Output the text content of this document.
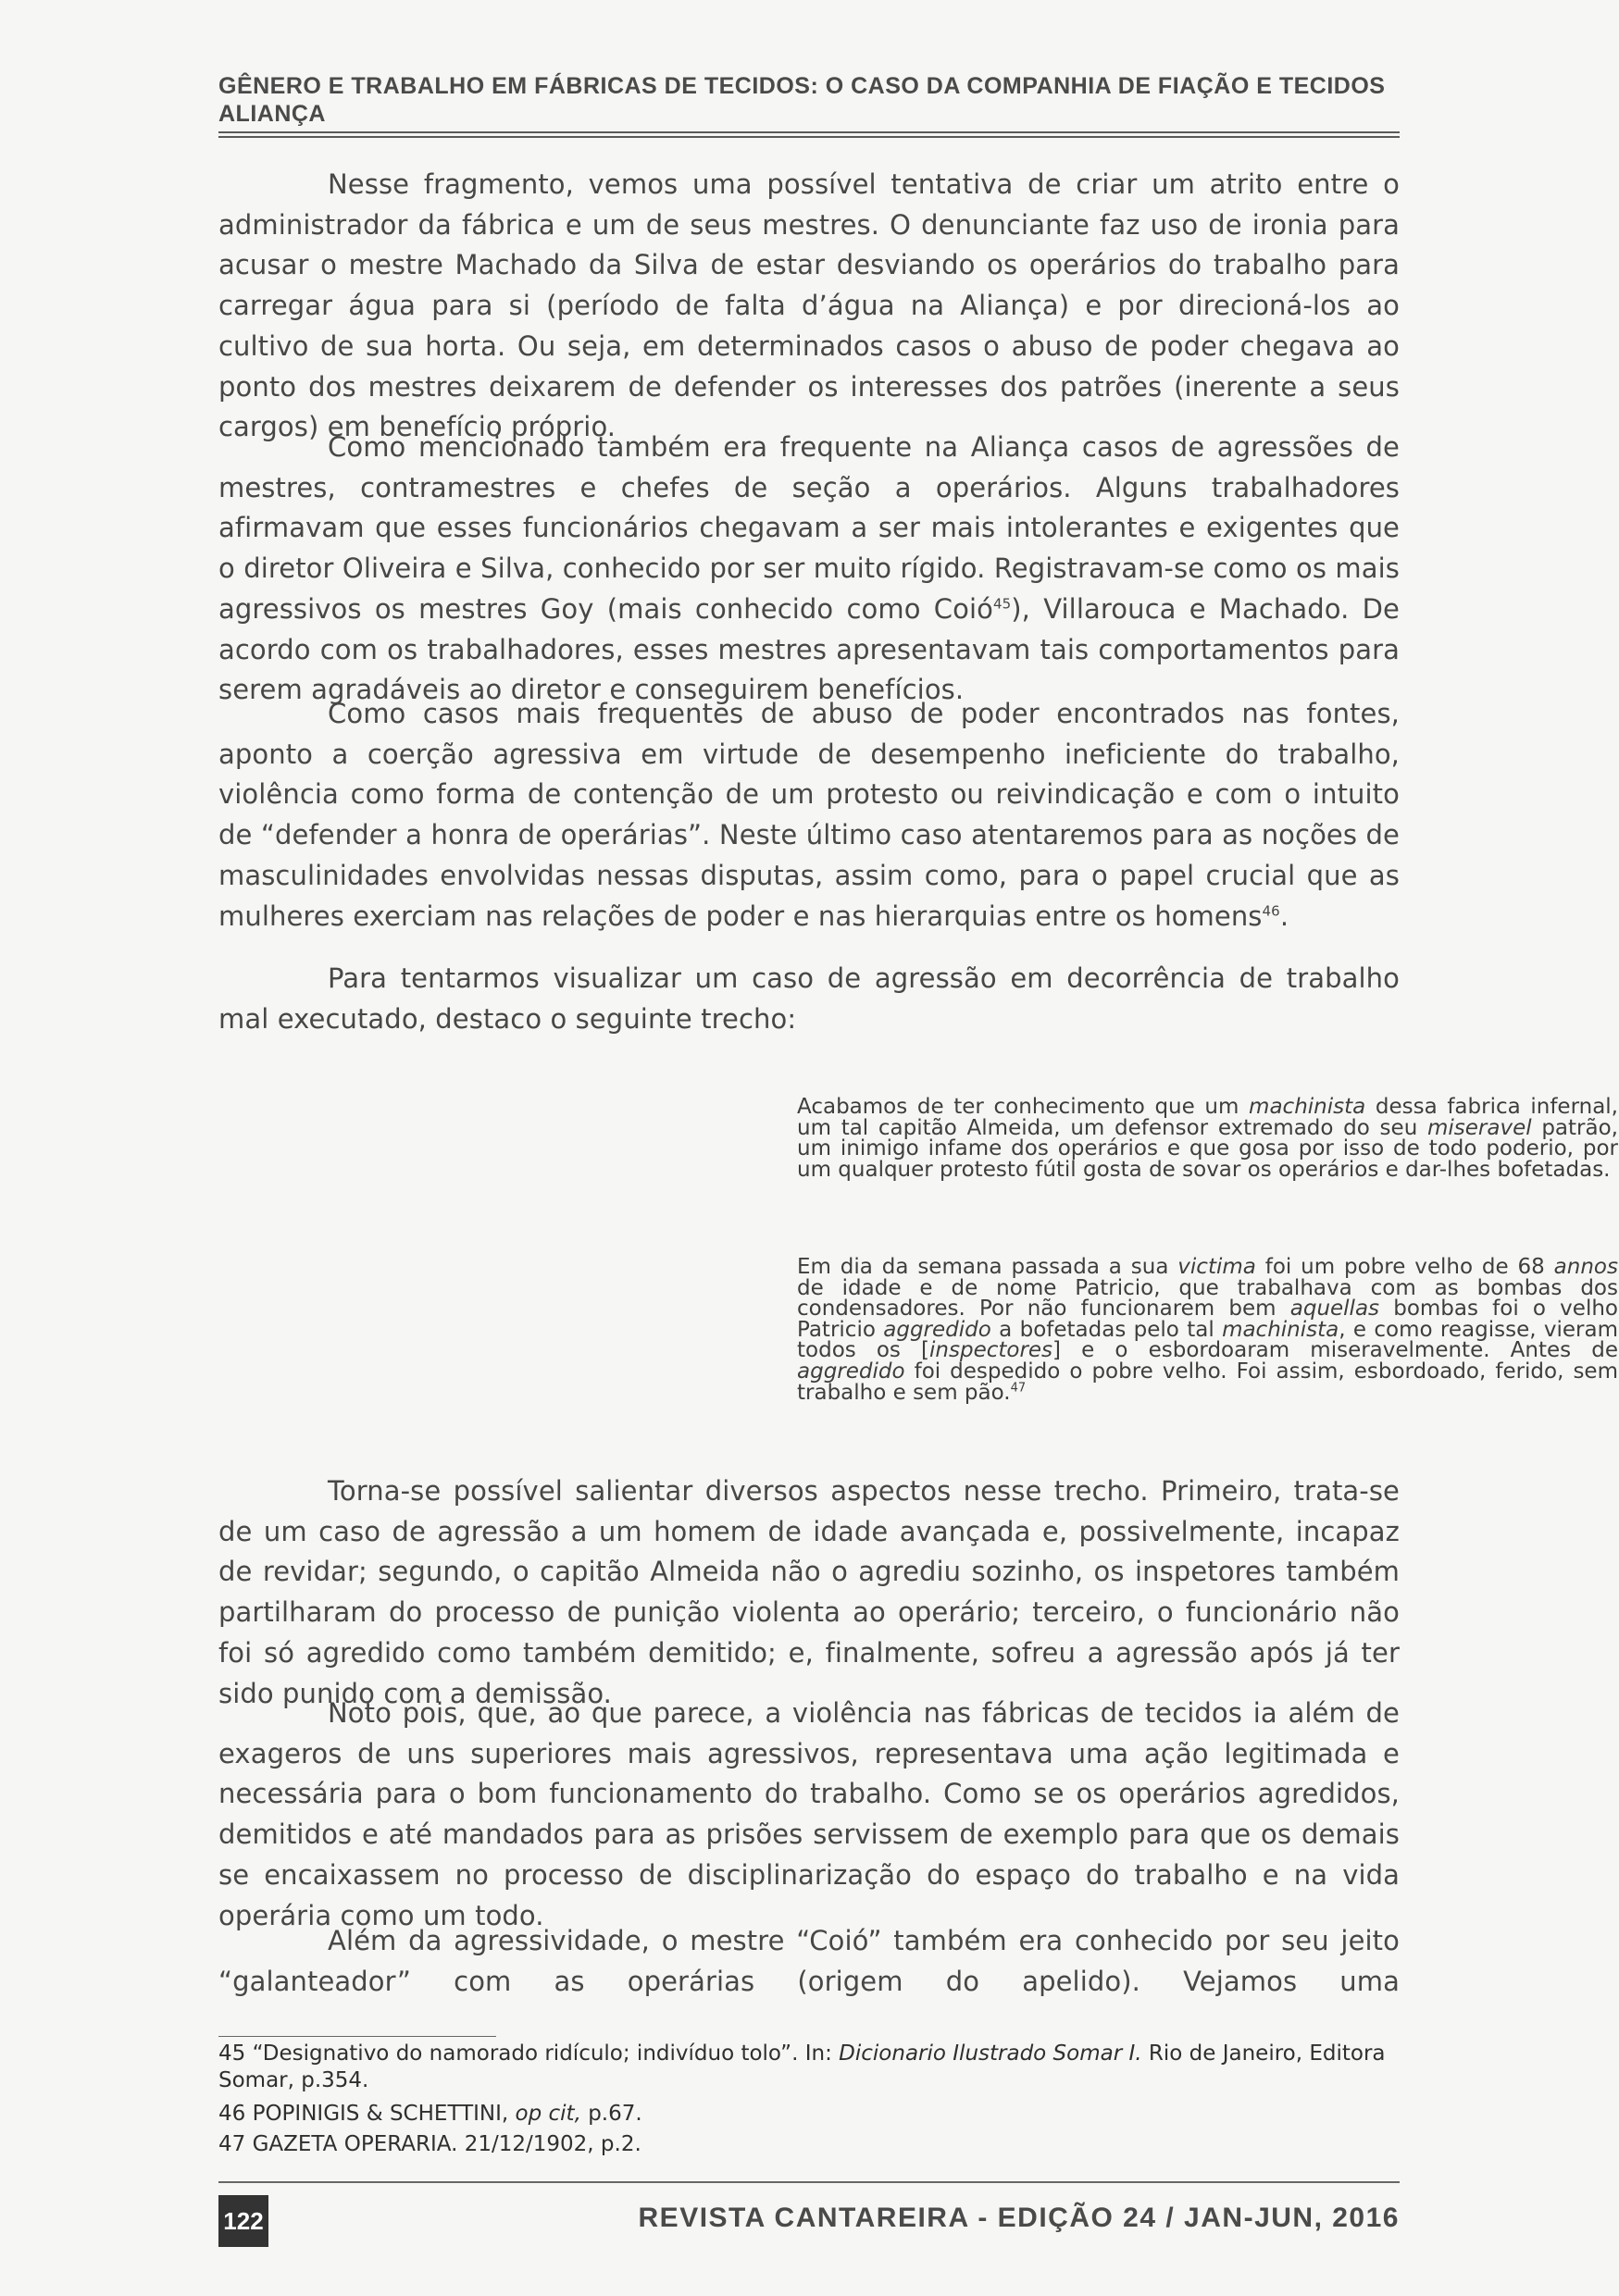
GÊNERO E TRABALHO EM FÁBRICAS DE TECIDOS: O CASO DA COMPANHIA DE FIAÇÃO E TECIDOS
ALIANÇA

Nesse fragmento, vemos uma possível tentativa de criar um atrito entre o administrador da fábrica e um de seus mestres. O denunciante faz uso de ironia para acusar o mestre Machado da Silva de estar desviando os operários do trabalho para carregar água para si (período de falta d’água na Aliança) e por direcioná-los ao cultivo de sua horta. Ou seja, em determinados casos o abuso de poder chegava ao ponto dos mestres deixarem de defender os interesses dos patrões (inerente a seus cargos) em benefício próprio.

Como mencionado também era frequente na Aliança casos de agressões de mestres, contramestres e chefes de seção a operários. Alguns trabalhadores afirmavam que esses funcionários chegavam a ser mais intolerantes e exigentes que o diretor Oliveira e Silva, conhecido por ser muito rígido. Registravam-se como os mais agressivos os mestres Goy (mais conhecido como Coió$^{45}$), Villarouca e Machado. De acordo com os trabalhadores, esses mestres apresentavam tais comportamentos para serem agradáveis ao diretor e conseguirem benefícios.

Como casos mais frequentes de abuso de poder encontrados nas fontes, aponto a coerção agressiva em virtude de desempenho ineficiente do trabalho, violência como forma de contenção de um protesto ou reivindicação e com o intuito de “defender a honra de operárias”. Neste último caso atentaremos para as noções de masculinidades envolvidas nessas disputas, assim como, para o papel crucial que as mulheres exerciam nas relações de poder e nas hierarquias entre os homens$^{46}$.

Para tentarmos visualizar um caso de agressão em decorrência de trabalho mal executado, destaco o seguinte trecho:

Acabamos de ter conhecimento que um machinista dessa fabrica infernal, um tal capitão Almeida, um defensor extremado do seu miseravel patrão, um inimigo infame dos operários e que gosa por isso de todo poderio, por um qualquer protesto fútil gosta de sovar os operários e dar-lhes bofetadas.

Em dia da semana passada a sua victima foi um pobre velho de 68 annos de idade e de nome Patricio, que trabalhava com as bombas dos condensadores. Por não funcionarem bem aquellas bombas foi o velho Patricio aggredido a bofetadas pelo tal machinista, e como reagisse, vieram todos os [inspectores] e o esbordoaram miseravelmente. Antes de aggredido foi despedido o pobre velho. Foi assim, esbordoado, ferido, sem trabalho e sem pão.$^{47}$

Torna-se possível salientar diversos aspectos nesse trecho. Primeiro, trata-se de um caso de agressão a um homem de idade avançada e, possivelmente, incapaz de revidar; segundo, o capitão Almeida não o agrediu sozinho, os inspetores também partilharam do processo de punição violenta ao operário; terceiro, o funcionário não foi só agredido como também demitido; e, finalmente, sofreu a agressão após já ter sido punido com a demissão.

Noto pois, que, ao que parece, a violência nas fábricas de tecidos ia além de exageros de uns superiores mais agressivos, representava uma ação legitimada e necessária para o bom funcionamento do trabalho. Como se os operários agredidos, demitidos e até mandados para as prisões servissem de exemplo para que os demais se encaixassem no processo de disciplinarização do espaço do trabalho e na vida operária como um todo.

Além da agressividade, o mestre “Coió” também era conhecido por seu jeito “galanteador” com as operárias (origem do apelido). Vejamos uma

45 “Designativo do namorado ridículo; indivíduo tolo”. In: Dicionario Ilustrado Somar I. Rio de Janeiro, Editora Somar, p.354.

46 POPINIGIS & SCHETTINI, op cit, p.67.

47 GAZETA OPERARIA. 21/12/1902, p.2.

122	REVISTA CANTAREIRA - EDIÇÃO 24 / JAN-JUN, 2016
